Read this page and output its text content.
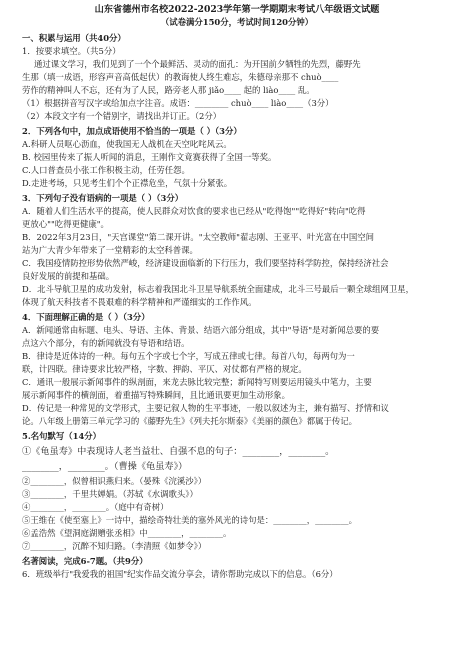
山东省德州市名校2022-2023学年第一学期期末考试八年级语文试题
（试卷满分150分，考试时间120分钟）
一、积累与运用（共40分）
1．按要求填空。（共5分）
通过课文学习，我们见到了一个个最鲜活、灵动的面孔：为开国前夕牺牲的先烈，藤野先
生那（填一成语，形容声音高低起伏）的教诲使人终生难忘，朱德母亲那不 chuò____
劳作的精神叫人不忘，还有为了人民，路旁老人那 jiǎo____ 起的 liào____ 乱。
（1）根据拼音写汉字或给加点字注音。成语：________ chuò____ liào____（3分）
（2）本段文字有一个错别字，请找出并订正。（2分）
2．下列各句中，加点成语使用不恰当的一项是（ ）（3分）
A.科研人员呕心沥血，使我国无人战机在天空叱咤风云。
B. 校园里传来了振人听闻的消息，王刚作文竟赛获得了全国一等奖。
C.人口普查员小张工作积极主动，任劳任怨。
D.走进考场，只见考生们个个正襟危坐，气氛十分紧张。
3．下列句子没有语病的一项是（ ）（3分）
A．随着人们生活水平的提高，使人民群众对饮食的要求也已经从"吃得饱""吃得好"转向"吃得
更放心""吃得更健康"。
B．2022年3月23日，"天宫课堂"第二课开讲。"太空教师"翟志刚、王亚平、叶光富在中国空间
站为广大青少年带来了一堂精彩的太空科普课。
C．我国疫情防控形势依然严峻，经济建设面临新的下行压力，我们要坚持科学防控，保持经济社会
良好发展的前提和基础。
D．北斗导航卫星的成功发射，标志着我国北斗卫星导航系统全面建成，北斗三号最后一颗全球组网卫星，
体现了航天科技者不畏艰难的科学精神和严谨细实的工作作风。
4．下面理解正确的是（ ）（3分）
A．新闻通常由标题、电头、导语、主体、背景、结语六部分组成，其中"导语"是对新闻总要的要
点这六个部分，有的新闻就没有导语和结语。
B．律诗是近体诗的一种。每句五个字或七个字，写成五律或七律。每首八句，每两句为一
联，计四联。律诗要求比较严格，字数、押韵、平仄、对仗都有严格的规定。
C．通讯一般展示新闻事件的纵剖面，来龙去脉比较完整；新闻特写则要运用镜头中笔力，主要
展示新闻事件的横剖面，着重描写特殊瞬间，且比通讯要更加生动形象。
D．传记是一种常见的文学形式，主要记叙人物的生平事迹，一般以叙述为主，兼有描写、抒情和议
论。八年级上册第三单元学习的《藤野先生》《列夫托尔斯泰》《美丽的颜色》都属于传记。
5.名句默写（14分）
①《龟虽寿》中表现诗人老当益壮、自强不息的句子：________，________。
________，________。（曹操《龟虽寿》）
②________，似曾相识燕归来。（晏殊《浣溪沙》）
③________，千里共婵娟。（苏轼《水调歌头》）
④________，________。（庭中有奇树）
⑤王维在《使至塞上》一诗中，描绘奇特壮美的塞外风光的诗句是：________，________。
⑥孟浩然《望洞庭湖赠张丞相》中________，________。
⑦________，沉醉不知归路。（李清照《如梦令》）
名著阅读，完成6-7题。（共9分）
6．班级举行"我爱我的祖国"纪实作品交流分享会，请你帮助完成以下的信息。（6分）
